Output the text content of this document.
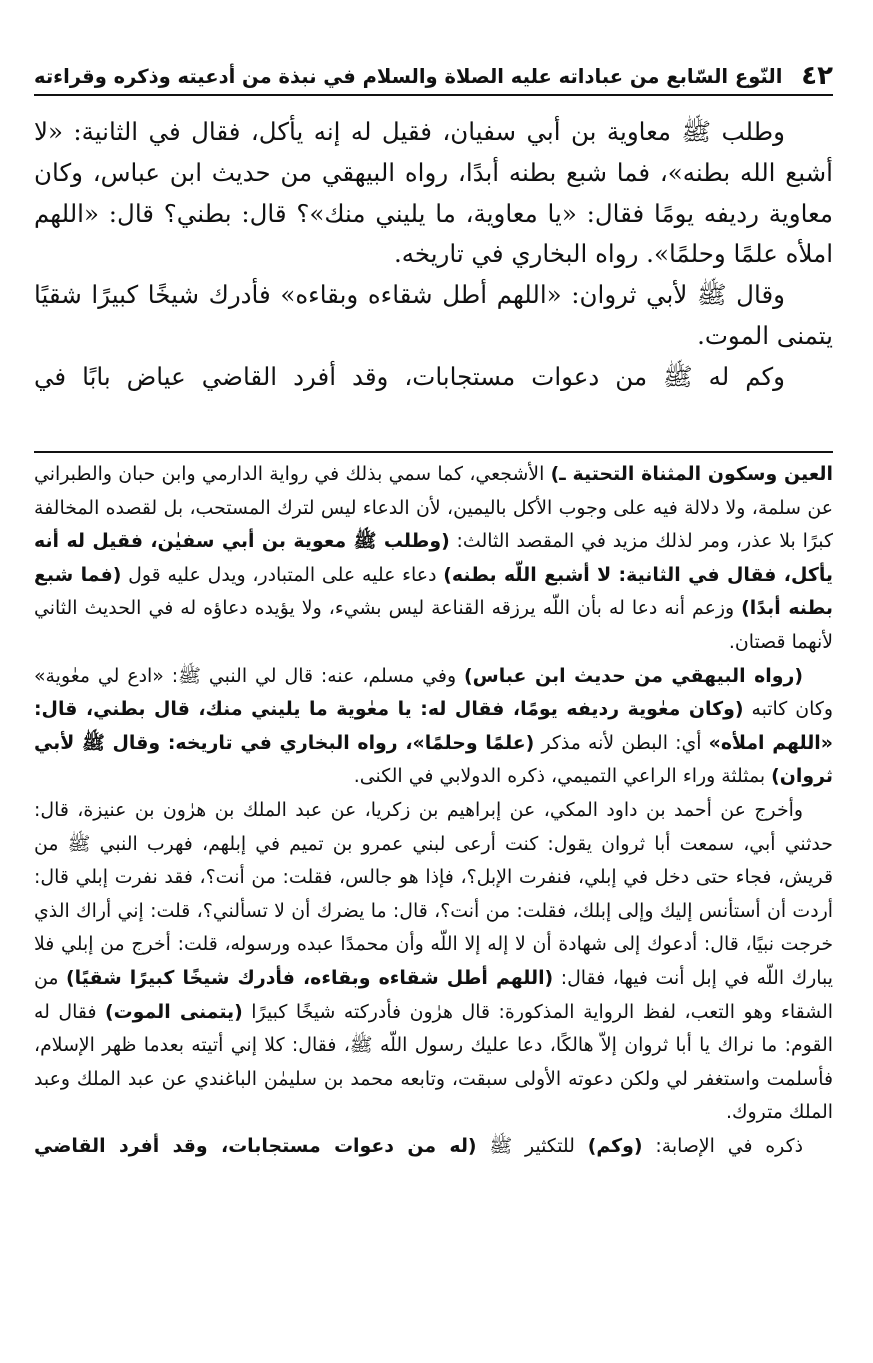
٤٢
النّوع السّابع من عباداته عليه الصلاة والسلام في نبذة من أدعيته وذكره وقراءته

وطلب ﷺ معاوية بن أبي سفيان، فقيل له إنه يأكل، فقال في الثانية: «لا أشبع الله بطنه»، فما شبع بطنه أبدًا، رواه البيهقي من حديث ابن عباس، وكان معاوية رديفه يومًا فقال: «يا معاوية، ما يليني منك»؟ قال: بطني؟ قال: «اللهم املأه علمًا وحلمًا». رواه البخاري في تاريخه.

وقال ﷺ لأبي ثروان: «اللهم أطل شقاءه وبقاءه» فأدرك شيخًا كبيرًا شقيًا يتمنى الموت.

وكم له ﷺ من دعوات مستجابات، وقد أفرد القاضي عياض بابًا في

العين وسكون المثناة التحتية ـ) الأشجعي، كما سمي بذلك في رواية الدارمي وابن حبان والطبراني عن سلمة، ولا دلالة فيه على وجوب الأكل باليمين، لأن الدعاء ليس لترك المستحب، بل لقصده المخالفة كبرًا بلا عذر، ومر لذلك مزيد في المقصد الثالث: (وطلب ﷺ معوية بن أبي سفيٰن، فقيل له أنه يأكل، فقال في الثانية: لا أشبع اللّه بطنه) دعاء عليه على المتبادر، ويدل عليه قول (فما شبع بطنه أبدًا) وزعم أنه دعا له بأن اللّه يرزقه القناعة ليس بشيء، ولا يؤيده دعاؤه له في الحديث الثاني لأنهما قصتان.

(رواه البيهقي من حديث ابن عباس) وفي مسلم، عنه: قال لي النبي ﷺ: «ادع لي معٰوية» وكان كاتبه (وكان معٰوية رديفه يومًا، فقال له: يا معٰوية ما يليني منك، قال بطني، قال: «اللهم املأه» أي: البطن لأنه مذكر (علمًا وحلمًا»، رواه البخاري في تاريخه: وقال ﷺ لأبي ثروان) بمثلثة وراء الراعي التميمي، ذكره الدولابي في الكنى.

وأخرج عن أحمد بن داود المكي، عن إبراهيم بن زكريا، عن عبد الملك بن هرٰون بن عنيزة، قال: حدثني أبي، سمعت أبا ثروان يقول: كنت أرعى لبني عمرو بن تميم في إبلهم، فهرب النبي ﷺ من قريش، فجاء حتى دخل في إبلي، فنفرت الإبل؟، فإذا هو جالس، فقلت: من أنت؟، فقد نفرت إبلي قال: أردت أن أستأنس إليك وإلى إبلك، فقلت: من أنت؟، قال: ما يضرك أن لا تسألني؟، قلت: إني أراك الذي خرجت نبيًا، قال: أدعوك إلى شهادة أن لا إله إلا اللّه وأن محمدًا عبده ورسوله، قلت: أخرج من إبلي فلا يبارك اللّه في إبل أنت فيها، فقال: (اللهم أطل شقاءه وبقاءه، فأدرك شيخًا كبيرًا شقيًا) من الشقاء وهو التعب، لفظ الرواية المذكورة: قال هرٰون فأدركته شيخًا كبيرًا (يتمنى الموت) فقال له القوم: ما نراك يا أبا ثروان إلاّ هالكًا، دعا عليك رسول اللّه ﷺ، فقال: كلا إني أتيته بعدما ظهر الإسلام، فأسلمت واستغفر لي ولكن دعوته الأولى سبقت، وتابعه محمد بن سليمٰن الباغندي عن عبد الملك وعبد الملك متروك.

ذكره في الإصابة: (وكم) للتكثير ﷺ (له من دعوات مستجابات، وقد أفرد القاضي
